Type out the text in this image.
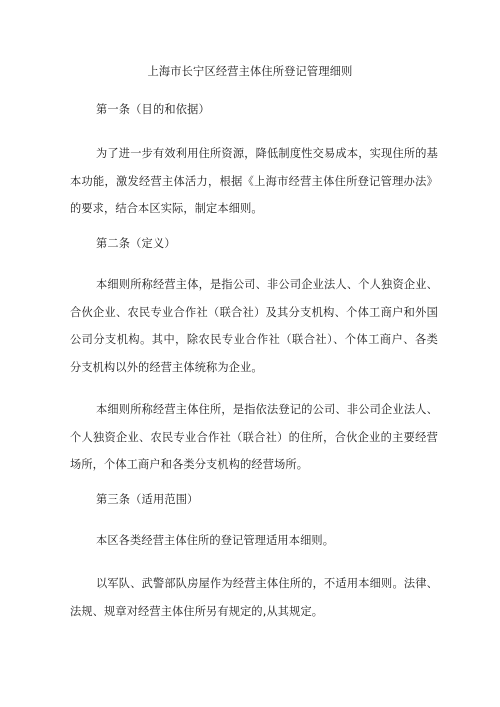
上海市长宁区经营主体住所登记管理细则
第一条（目的和依据）

为了进一步有效利用住所资源，降低制度性交易成本，实现住所的基本功能，激发经营主体活力，根据《上海市经营主体住所登记管理办法》的要求，结合本区实际，制定本细则。

第二条（定义）

本细则所称经营主体，是指公司、非公司企业法人、个人独资企业、合伙企业、农民专业合作社（联合社）及其分支机构、个体工商户和外国公司分支机构。其中，除农民专业合作社（联合社）、个体工商户、各类分支机构以外的经营主体统称为企业。

本细则所称经营主体住所，是指依法登记的公司、非公司企业法人、个人独资企业、农民专业合作社（联合社）的住所，合伙企业的主要经营场所，个体工商户和各类分支机构的经营场所。

第三条（适用范围）

本区各类经营主体住所的登记管理适用本细则。

以军队、武警部队房屋作为经营主体住所的，不适用本细则。法律、法规、规章对经营主体住所另有规定的,从其规定。
